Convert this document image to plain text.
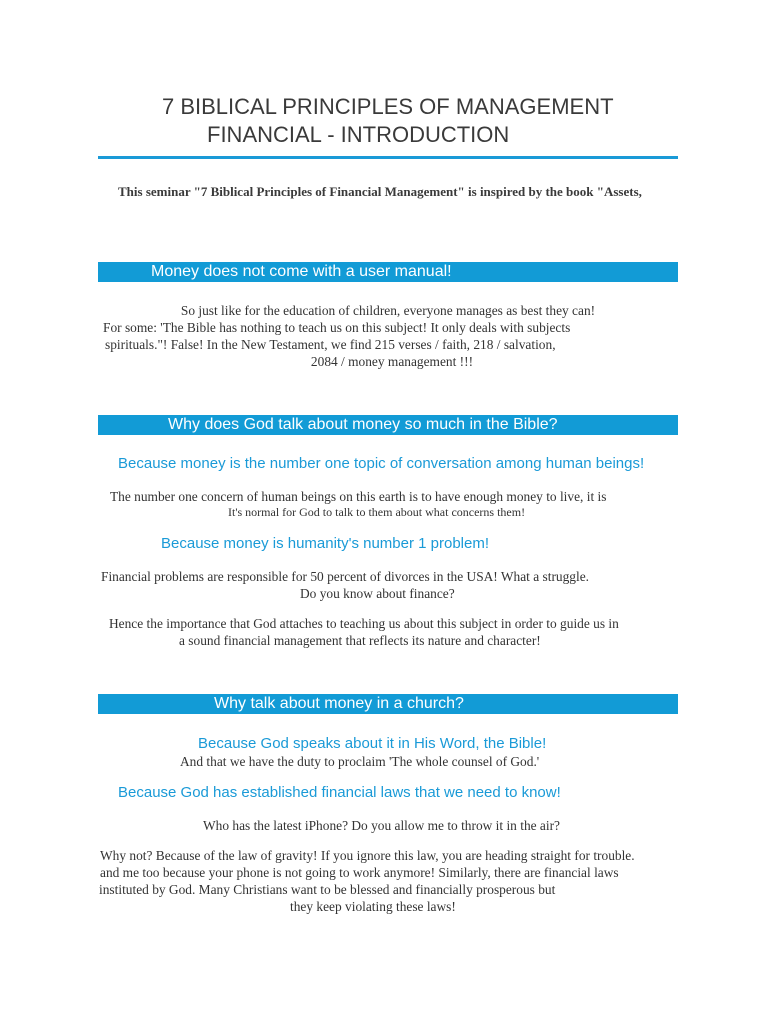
7 BIBLICAL PRINCIPLES OF MANAGEMENT
FINANCIAL - INTRODUCTION
This seminar "7 Biblical Principles of Financial Management" is inspired by the book "Assets,
Money does not come with a user manual!
So just like for the education of children, everyone manages as best they can!
For some: 'The Bible has nothing to teach us on this subject! It only deals with subjects
spirituals."! False! In the New Testament, we find 215 verses / faith, 218 / salvation,
2084 / money management !!!
Why does God talk about money so much in the Bible?
Because money is the number one topic of conversation among human beings!
The number one concern of human beings on this earth is to have enough money to live, it is
It's normal for God to talk to them about what concerns them!
Because money is humanity's number 1 problem!
Financial problems are responsible for 50 percent of divorces in the USA! What a struggle.
Do you know about finance?
Hence the importance that God attaches to teaching us about this subject in order to guide us in
a sound financial management that reflects its nature and character!
Why talk about money in a church?
Because God speaks about it in His Word, the Bible!
And that we have the duty to proclaim 'The whole counsel of God.'
Because God has established financial laws that we need to know!
Who has the latest iPhone? Do you allow me to throw it in the air?
Why not? Because of the law of gravity! If you ignore this law, you are heading straight for trouble.
and me too because your phone is not going to work anymore! Similarly, there are financial laws
instituted by God. Many Christians want to be blessed and financially prosperous but
they keep violating these laws!
